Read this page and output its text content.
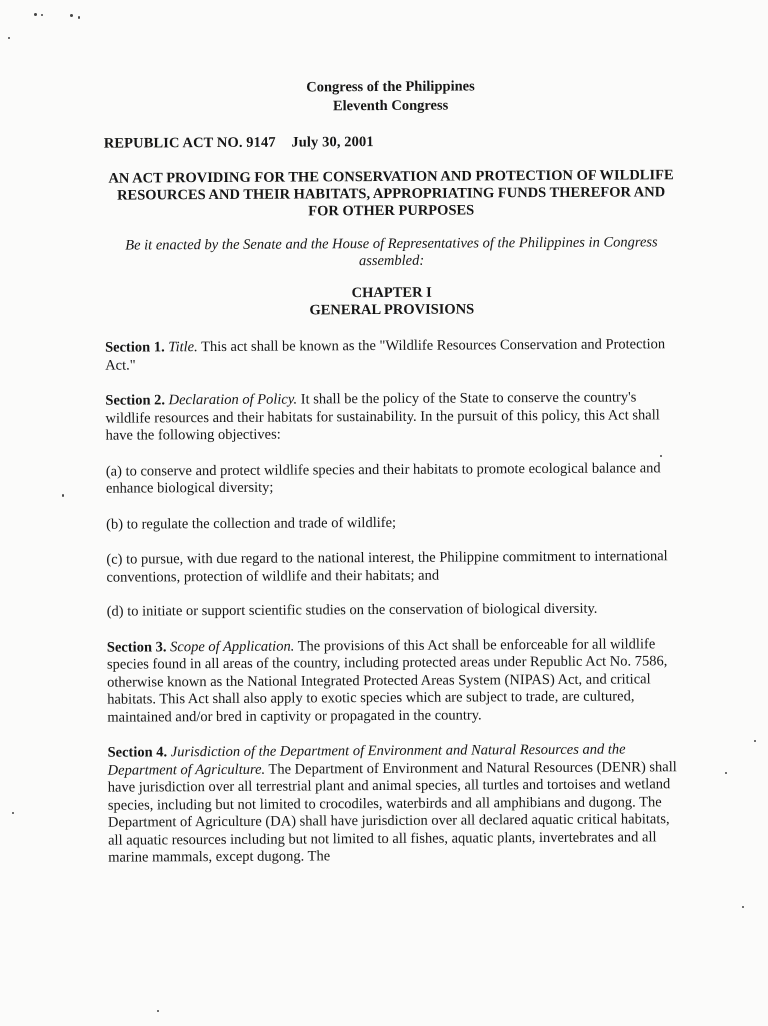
Congress of the Philippines
Eleventh Congress
REPUBLIC ACT NO. 9147 July 30, 2001
AN ACT PROVIDING FOR THE CONSERVATION AND PROTECTION OF WILDLIFE RESOURCES AND THEIR HABITATS, APPROPRIATING FUNDS THEREFOR AND FOR OTHER PURPOSES
Be it enacted by the Senate and the House of Representatives of the Philippines in Congress assembled:
CHAPTER I
GENERAL PROVISIONS

Section 1. Title. This act shall be known as the "Wildlife Resources Conservation and Protection Act."

Section 2. Declaration of Policy. It shall be the policy of the State to conserve the country's wildlife resources and their habitats for sustainability. In the pursuit of this policy, this Act shall have the following objectives:

(a) to conserve and protect wildlife species and their habitats to promote ecological balance and enhance biological diversity;

(b) to regulate the collection and trade of wildlife;

(c) to pursue, with due regard to the national interest, the Philippine commitment to international conventions, protection of wildlife and their habitats; and

(d) to initiate or support scientific studies on the conservation of biological diversity.

Section 3. Scope of Application. The provisions of this Act shall be enforceable for all wildlife species found in all areas of the country, including protected areas under Republic Act No. 7586, otherwise known as the National Integrated Protected Areas System (NIPAS) Act, and critical habitats. This Act shall also apply to exotic species which are subject to trade, are cultured, maintained and/or bred in captivity or propagated in the country.

Section 4. Jurisdiction of the Department of Environment and Natural Resources and the Department of Agriculture. The Department of Environment and Natural Resources (DENR) shall have jurisdiction over all terrestrial plant and animal species, all turtles and tortoises and wetland species, including but not limited to crocodiles, waterbirds and all amphibians and dugong. The Department of Agriculture (DA) shall have jurisdiction over all declared aquatic critical habitats, all aquatic resources including but not limited to all fishes, aquatic plants, invertebrates and all marine mammals, except dugong. The
